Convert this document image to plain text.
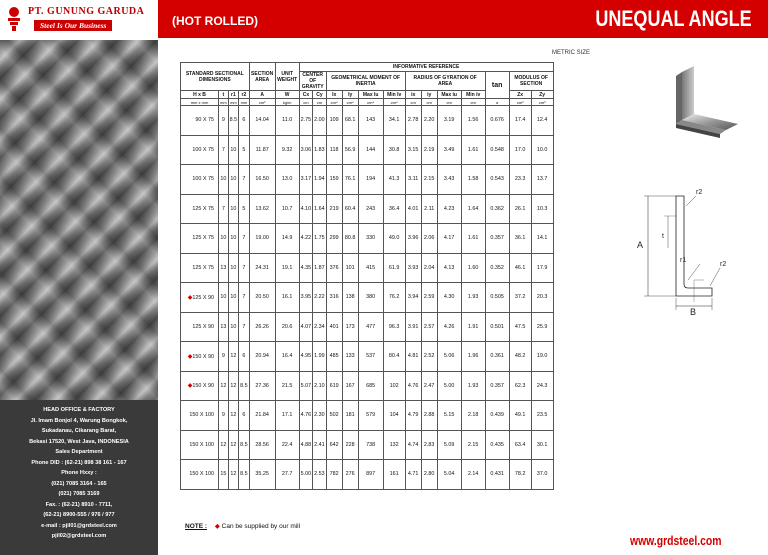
PT. GUNUNG GARUDA
Steel Is Our Business
HEAD OFFICE & FACTORY
Jl. Imam Bonjol 4, Warung Bongkok,
Sukadanau, Cikarang Barat,
Bekasi 17520, West Java, INDONESIA
Sales Department
Phone DID : (62-21) 898 38 161 - 167
Phone Hxxy :
(021) 7085 3164 - 165
(021) 7085 3169
Fax. : (62-21) 8910 - 7711,
(62-21) 8900-555 / 976 / 977
e-mail : pjil01@grdsteel.com
pjil02@grdsteel.com
(HOT ROLLED)	UNEQUAL ANGLE
METRIC SIZE
STANDARD SECTIONAL DIMENSIONS				SECTION AREA	UNIT WEIGHT	INFORMATIVE REFERENCE												
						CENTER OF GRAVITY		GEOMETRICAL MOMENT OF INERTIA				RADIUS OF GYRATION OF AREA				tan	MODULUS OF SECTION	
H x B	t	r1	r2	A	W	Cx	Cy	Ix	Iy	Max Iu	Min Iv	ix	iy	Max iu	Min iv		Zx	Zy
mm x mm	mm	mm	mm	cm²	kg/m	cm	cm	cm⁴	cm⁴	cm⁴	cm⁴	cm	cm	cm	cm	α	cm³	cm³
90 X 75	9	8.5	6	14.04	11.0	2.75	2.00	109	68.1	143	34.1	2.78	2.20	3.19	1.56	0.676	17.4	12.4
100 X 75	7	10	5	11.87	9.32	3.06	1.83	118	56.9	144	30.8	3.15	2.19	3.49	1.61	0.548	17.0	10.0
100 X 75	10	10	7	16.50	13.0	3.17	1.94	159	76.1	194	41.3	3.11	2.15	3.43	1.58	0.543	23.3	13.7
125 X 75	7	10	5	13.62	10.7	4.10	1.64	219	60.4	243	36.4	4.01	2.11	4.23	1.64	0.362	26.1	10.3
125 X 75	10	10	7	19.00	14.9	4.22	1.75	299	80.8	330	49.0	3.96	2.06	4.17	1.61	0.357	36.1	14.1
125 X 75	13	10	7	24.31	19.1	4.35	1.87	376	101	415	61.9	3.93	2.04	4.13	1.60	0.352	46.1	17.9
◆125 X 90	10	10	7	20.50	16.1	3.95	2.22	316	138	380	76.2	3.94	2.59	4.30	1.93	0.505	37.2	20.3
125 X 90	13	10	7	26.26	20.6	4.07	2.34	401	173	477	96.3	3.91	2.57	4.26	1.91	0.501	47.5	25.9
◆150 X 90	9	12	6	20.94	16.4	4.95	1.99	485	133	537	80.4	4.81	2.52	5.06	1.96	0.361	48.2	19.0
◆150 X 90	12	12	8.5	27.36	21.5	5.07	2.10	619	167	685	102	4.76	2.47	5.00	1.93	0.357	62.3	24.3
150 X 100	9	12	6	21.84	17.1	4.76	2.30	502	181	579	104	4.79	2.88	5.15	2.18	0.439	49.1	23.5
150 X 100	12	12	8.5	28.56	22.4	4.88	2.41	642	228	738	132	4.74	2.83	5.09	2.15	0.435	63.4	30.1
150 X 100	15	12	8.5	35.25	27.7	5.00	2.53	782	276	897	161	4.71	2.80	5.04	2.14	0.431	78.2	37.0
A
B
t
r2
r1
r2
NOTE : ◆ Can be supplied by our mill
www.grdsteel.com
